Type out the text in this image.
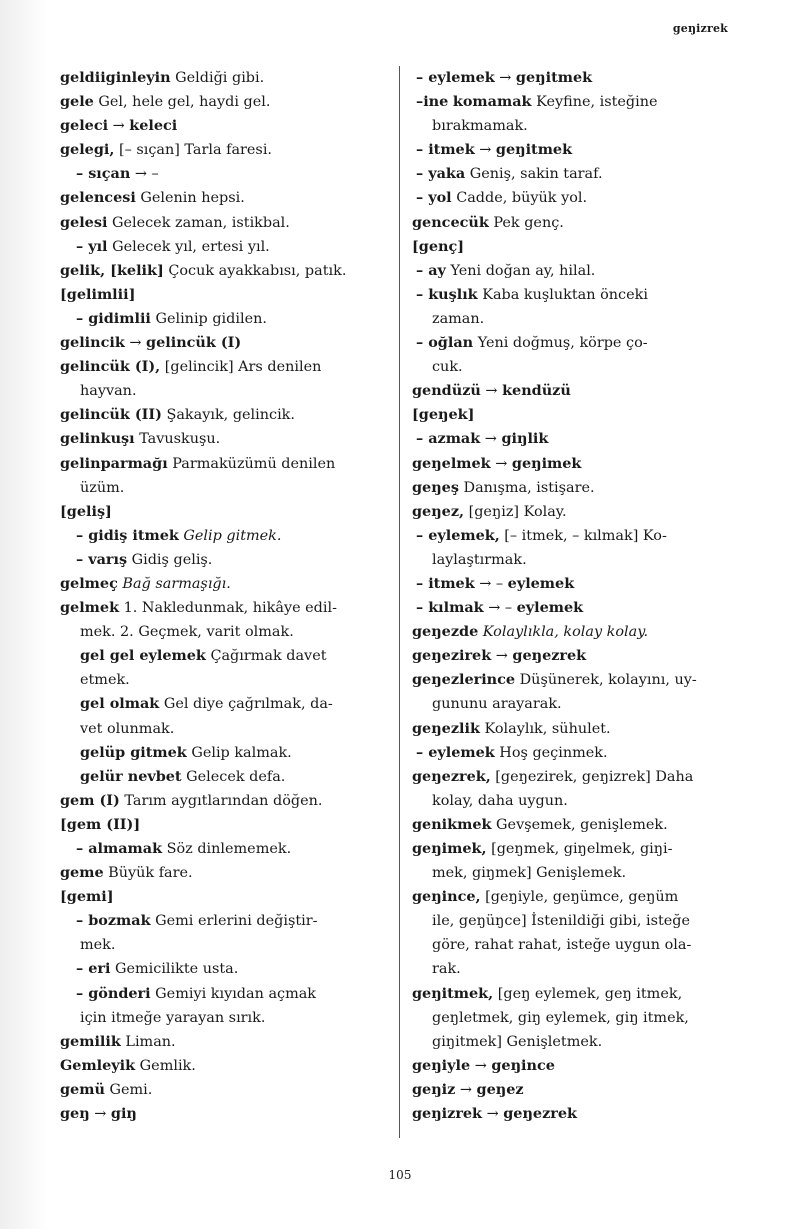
geŋizrek
geldiiginleyin Geldiği gibi.
gele Gel, hele gel, haydi gel.
geleci → keleci
gelegi, [– sıçan] Tarla faresi.
– sıçan → –
gelencesi Gelenin hepsi.
gelesi Gelecek zaman, istikbal.
– yıl Gelecek yıl, ertesi yıl.
gelik, [kelik] Çocuk ayakkabısı, patık.
[gelimlii]
– gidimlii Gelinip gidilen.
gelincik → gelincük (I)
gelincük (I), [gelincik] Ars denilen
hayvan.
gelincük (II) Şakayık, gelincik.
gelinkuşı Tavuskuşu.
gelinparmağı Parmaküzümü denilen
üzüm.
[geliş]
– gidiş itmek Gelip gitmek.
– varış Gidiş geliş.
gelmeç Bağ sarmaşığı.
gelmek 1. Nakledunmak, hikâye edil-
mek. 2. Geçmek, varit olmak.
gel gel eylemek Çağırmak davet
etmek.
gel olmak Gel diye çağrılmak, da-
vet olunmak.
gelüp gitmek Gelip kalmak.
gelür nevbet Gelecek defa.
gem (I) Tarım aygıtlarından döğen.
[gem (II)]
– almamak Söz dinlememek.
geme Büyük fare.
[gemi]
– bozmak Gemi erlerini değiştir-
mek.
– eri Gemicilikte usta.
– gönderi Gemiyi kıyıdan açmak
için itmeğe yarayan sırık.
gemilik Liman.
Gemleyik Gemlik.
gemü Gemi.
geŋ → giŋ
– eylemek → geŋitmek
–ine komamak Keyfine, isteğine
bırakmamak.
– itmek → geŋitmek
– yaka Geniş, sakin taraf.
– yol Cadde, büyük yol.
gencecük Pek genç.
[genç]
– ay Yeni doğan ay, hilal.
– kuşlık Kaba kuşluktan önceki
zaman.
– oğlan Yeni doğmuş, körpe ço-
cuk.
gendüzü → kendüzü
[geŋek]
– azmak → giŋlik
geŋelmek → geŋimek
geŋeş Danışma, istişare.
geŋez, [geŋiz] Kolay.
– eylemek, [– itmek, – kılmak] Ko-
laylaştırmak.
– itmek → – eylemek
– kılmak → – eylemek
geŋezde Kolaylıkla, kolay kolay.
geŋezirek → geŋezrek
geŋezlerince Düşünerek, kolayını, uy-
gununu arayarak.
geŋezlik Kolaylık, sühulet.
– eylemek Hoş geçinmek.
geŋezrek, [geŋezirek, geŋizrek] Daha
kolay, daha uygun.
genikmek Gevşemek, genişlemek.
geŋimek, [geŋmek, giŋelmek, giŋi-
mek, giŋmek] Genişlemek.
geŋince, [geŋiyle, geŋümce, geŋüm
ile, geŋüŋce] İstenildiği gibi, isteğe
göre, rahat rahat, isteğe uygun ola-
rak.
geŋitmek, [geŋ eylemek, geŋ itmek,
geŋletmek, giŋ eylemek, giŋ itmek,
giŋitmek] Genişletmek.
geŋiyle → geŋince
geŋiz → geŋez
geŋizrek → geŋezrek
105
